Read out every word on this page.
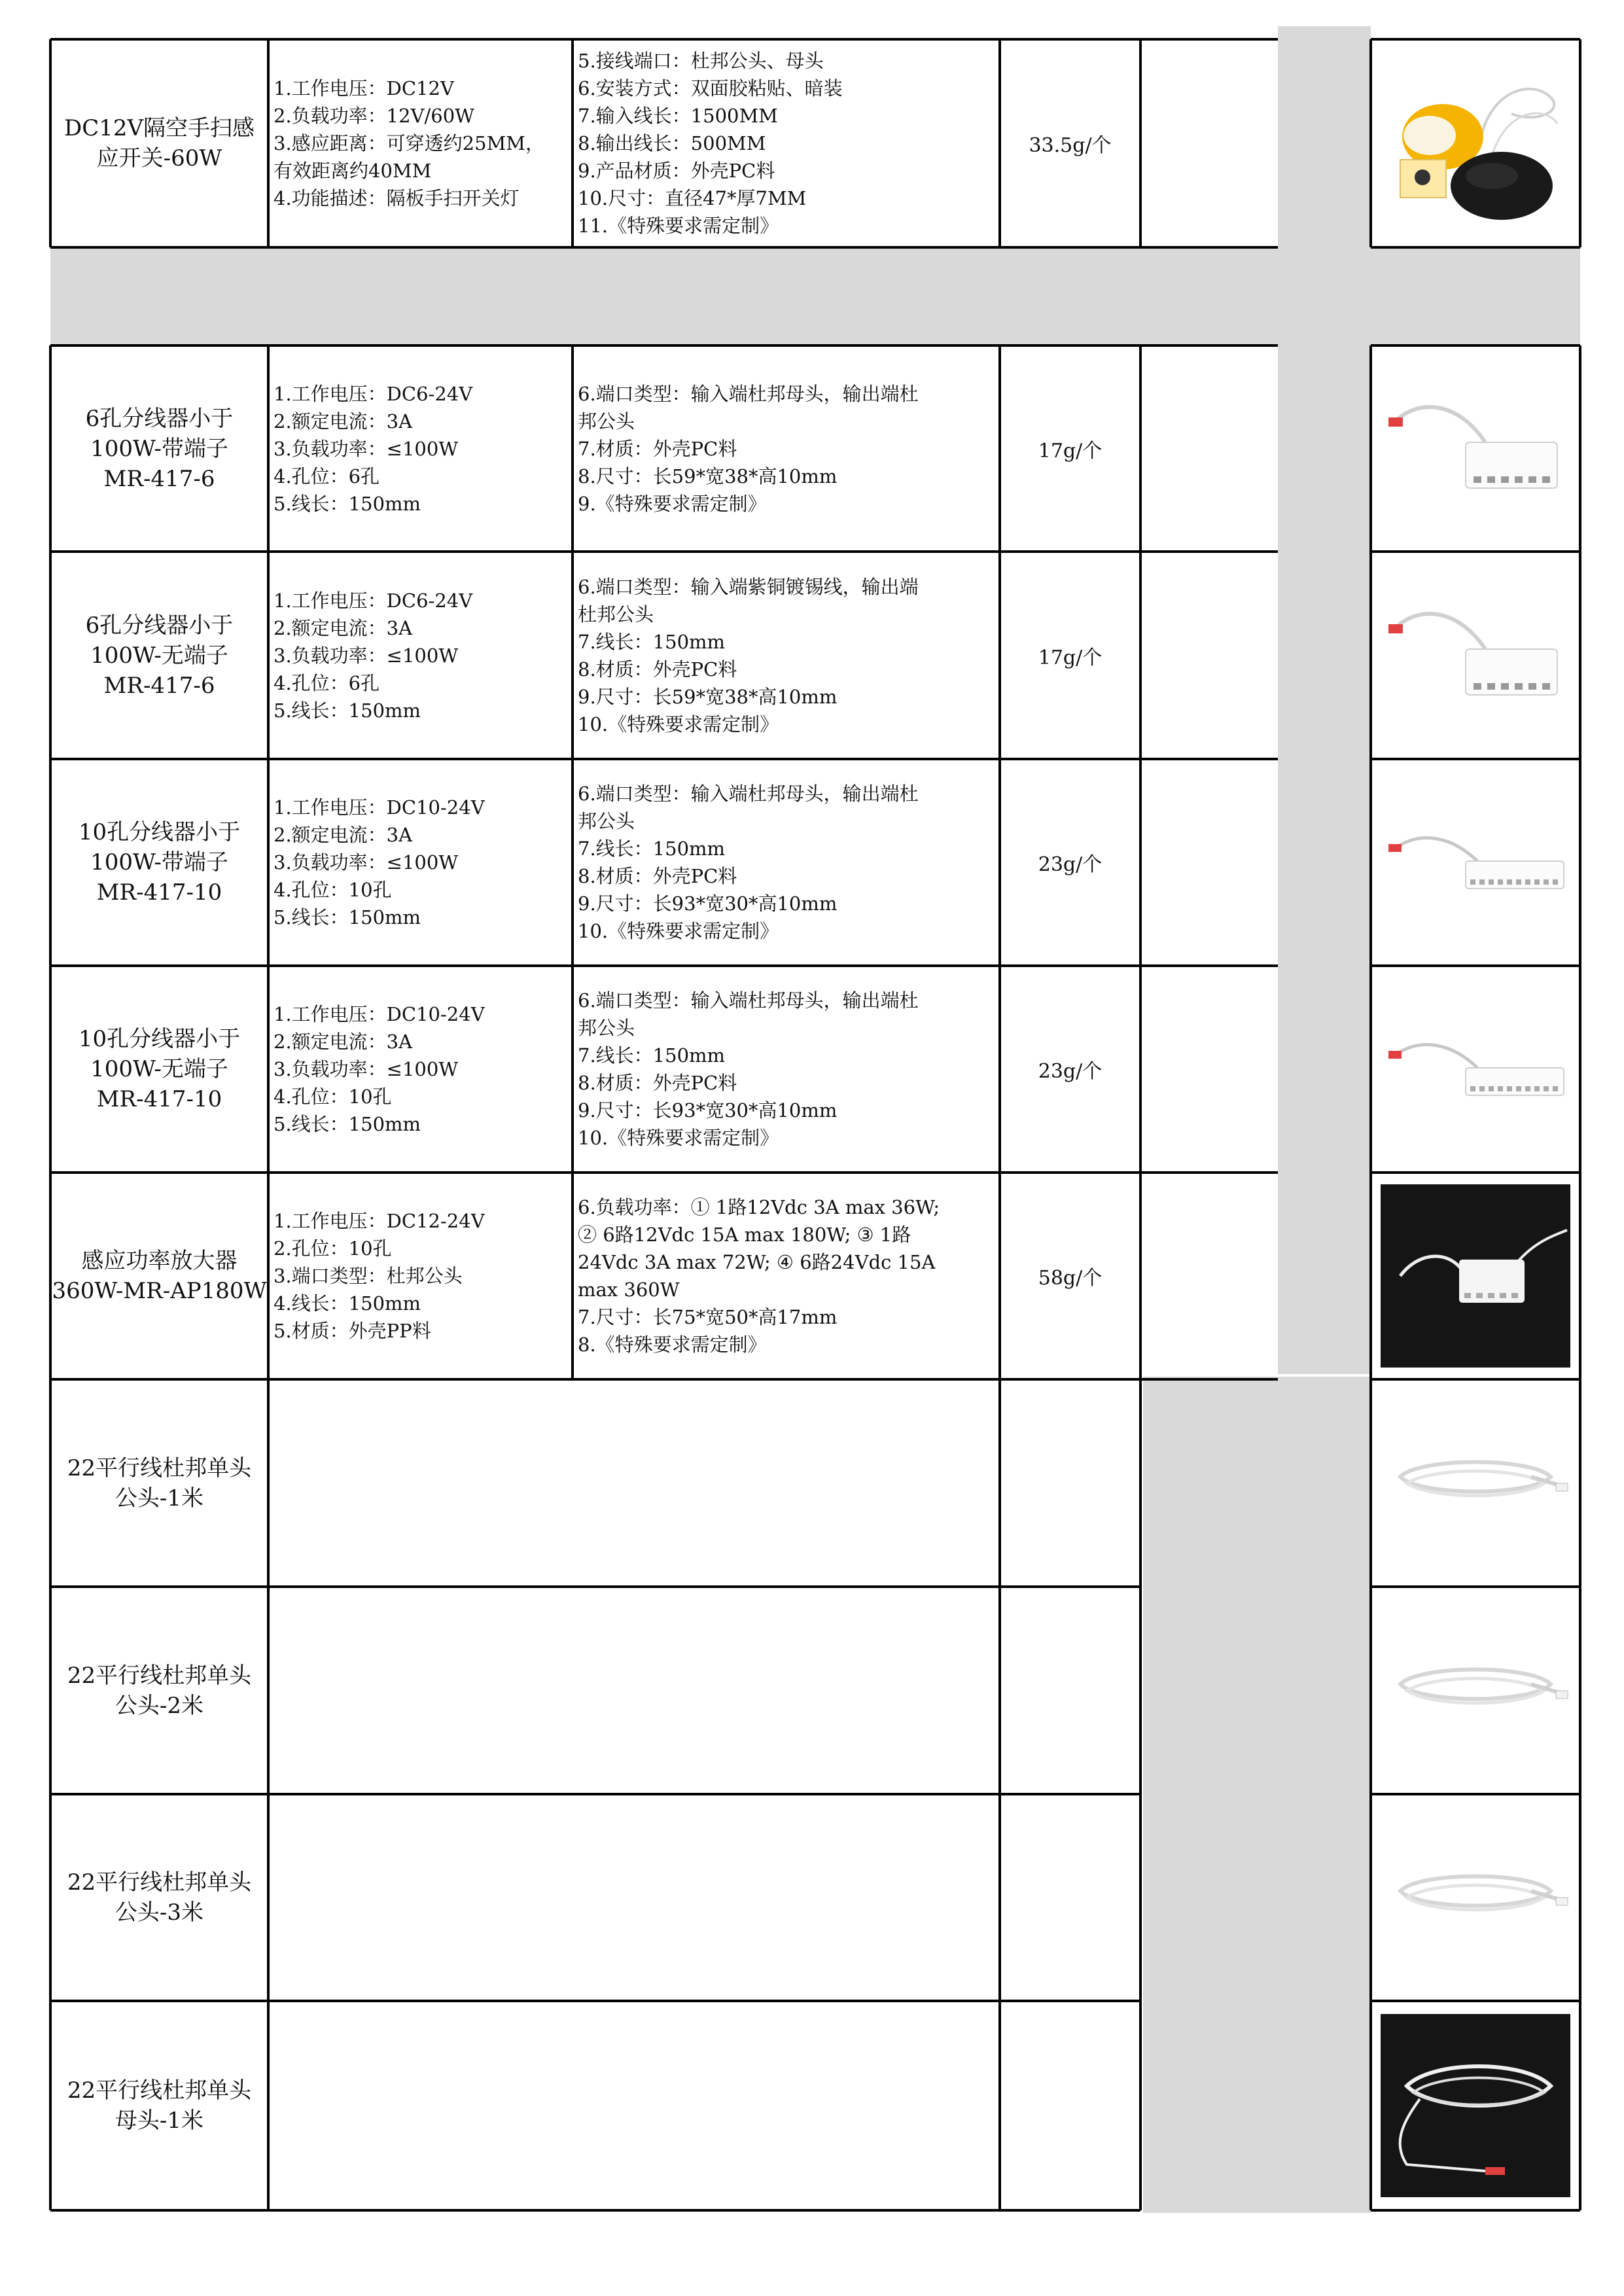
DC12V隔空手扫感
应开关-60W
1.工作电压：DC12V
2.负载功率：12V/60W
3.感应距离：可穿透约25MM，
有效距离约40MM
4.功能描述：隔板手扫开关灯
5.接线端口：杜邦公头、母头
6.安装方式：双面胶粘贴、暗装
7.输入线长：1500MM
8.输出线长：500MM
9.产品材质：外壳PC料
10.尺寸：直径47*厚7MM
11.《特殊要求需定制》
33.5g/个
6孔分线器小于
100W-带端子
MR-417-6
1.工作电压：DC6-24V
2.额定电流：3A
3.负载功率：≤100W
4.孔位：6孔
5.线长：150mm
6.端口类型：输入端杜邦母头，输出端杜
邦公头
7.材质：外壳PC料
8.尺寸：长59*宽38*高10mm
9.《特殊要求需定制》
17g/个
6孔分线器小于
100W-无端子
MR-417-6
1.工作电压：DC6-24V
2.额定电流：3A
3.负载功率：≤100W
4.孔位：6孔
5.线长：150mm
6.端口类型：输入端紫铜镀锡线，输出端
杜邦公头
7.线长：150mm
8.材质：外壳PC料
9.尺寸：长59*宽38*高10mm
10.《特殊要求需定制》
17g/个
10孔分线器小于
100W-带端子
MR-417-10
1.工作电压：DC10-24V
2.额定电流：3A
3.负载功率：≤100W
4.孔位：10孔
5.线长：150mm
6.端口类型：输入端杜邦母头，输出端杜
邦公头
7.线长：150mm
8.材质：外壳PC料
9.尺寸：长93*宽30*高10mm
10.《特殊要求需定制》
23g/个
10孔分线器小于
100W-无端子
MR-417-10
1.工作电压：DC10-24V
2.额定电流：3A
3.负载功率：≤100W
4.孔位：10孔
5.线长：150mm
6.端口类型：输入端杜邦母头，输出端杜
邦公头
7.线长：150mm
8.材质：外壳PC料
9.尺寸：长93*宽30*高10mm
10.《特殊要求需定制》
23g/个
感应功率放大器
360W-MR-AP180W
1.工作电压：DC12-24V
2.孔位：10孔
3.端口类型：杜邦公头
4.线长：150mm
5.材质：外壳PP料
6.负载功率：① 1路12Vdc 3A max 36W;
② 6路12Vdc 15A max 180W; ③ 1路
24Vdc 3A max 72W; ④ 6路24Vdc 15A
max 360W
7.尺寸：长75*宽50*高17mm
8.《特殊要求需定制》
58g/个
22平行线杜邦单头
公头-1米
22平行线杜邦单头
公头-2米
22平行线杜邦单头
公头-3米
22平行线杜邦单头
母头-1米
